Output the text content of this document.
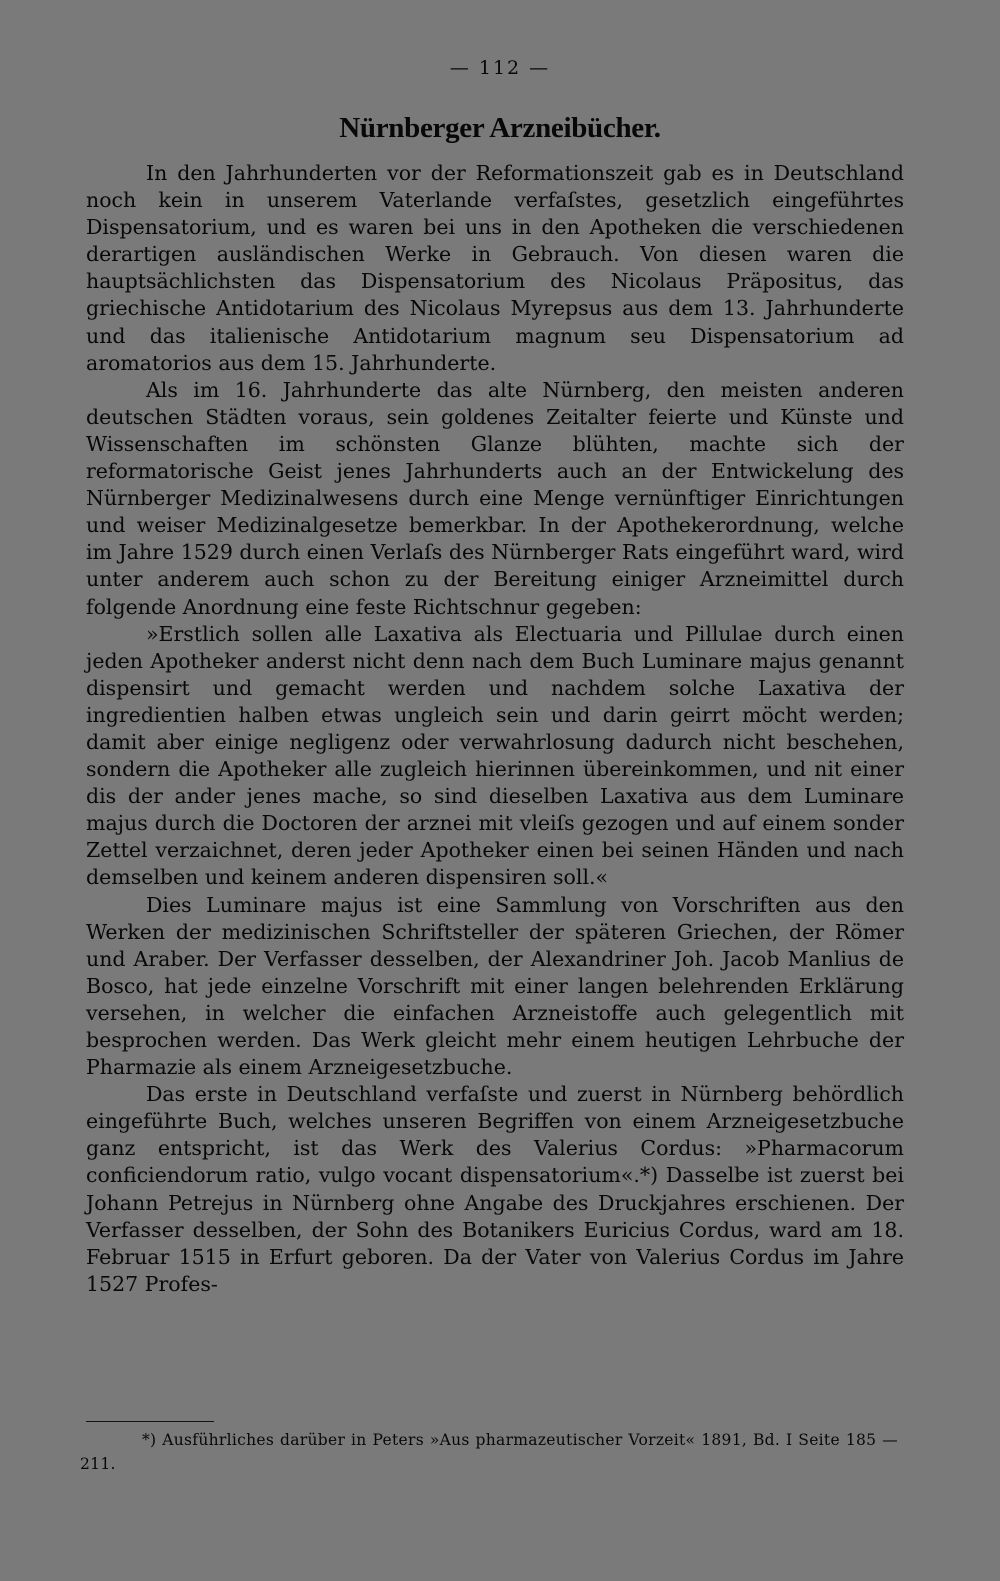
— 112 —
Nürnberger Arzneibücher.

In den Jahrhunderten vor der Reformationszeit gab es in Deutschland noch kein in unserem Vaterlande verfaſstes, gesetzlich eingeführtes Dispensatorium, und es waren bei uns in den Apotheken die verschiedenen derartigen ausländischen Werke in Gebrauch. Von diesen waren die hauptsächlichsten das Dispensatorium des Nicolaus Präpositus, das griechische Antidotarium des Nicolaus Myrepsus aus dem 13. Jahrhunderte und das italienische Antidotarium magnum seu Dispensatorium ad aromatorios aus dem 15. Jahrhunderte.

Als im 16. Jahrhunderte das alte Nürnberg, den meisten anderen deutschen Städten voraus, sein goldenes Zeitalter feierte und Künste und Wissenschaften im schönsten Glanze blühten, machte sich der reformatorische Geist jenes Jahrhunderts auch an der Entwickelung des Nürnberger Medizinalwesens durch eine Menge vernünftiger Einrichtungen und weiser Medizinalgesetze bemerkbar. In der Apothekerordnung, welche im Jahre 1529 durch einen Verlaſs des Nürnberger Rats eingeführt ward, wird unter anderem auch schon zu der Bereitung einiger Arzneimittel durch folgende Anordnung eine feste Richtschnur gegeben:

»Erstlich sollen alle Laxativa als Electuaria und Pillulae durch einen jeden Apotheker anderst nicht denn nach dem Buch Luminare majus genannt dispensirt und gemacht werden und nachdem solche Laxativa der ingredientien halben etwas ungleich sein und darin geirrt möcht werden; damit aber einige negligenz oder verwahrlosung dadurch nicht beschehen, sondern die Apotheker alle zugleich hierinnen übereinkommen, und nit einer dis der ander jenes mache, so sind dieselben Laxativa aus dem Luminare majus durch die Doctoren der arznei mit vleiſs gezogen und auf einem sonder Zettel verzaichnet, deren jeder Apotheker einen bei seinen Händen und nach demselben und keinem anderen dispensiren soll.«

Dies Luminare majus ist eine Sammlung von Vorschriften aus den Werken der medizinischen Schriftsteller der späteren Griechen, der Römer und Araber. Der Verfasser desselben, der Alexandriner Joh. Jacob Manlius de Bosco, hat jede einzelne Vorschrift mit einer langen belehrenden Erklärung versehen, in welcher die einfachen Arzneistoffe auch gelegentlich mit besprochen werden. Das Werk gleicht mehr einem heutigen Lehrbuche der Pharmazie als einem Arzneigesetzbuche.

Das erste in Deutschland verfaſste und zuerst in Nürnberg behördlich eingeführte Buch, welches unseren Begriffen von einem Arzneigesetzbuche ganz entspricht, ist das Werk des Valerius Cordus: »Pharmacorum conficiendorum ratio, vulgo vocant dispensatorium«.*) Dasselbe ist zuerst bei Johann Petrejus in Nürnberg ohne Angabe des Druckjahres erschienen. Der Verfasser desselben, der Sohn des Botanikers Euricius Cordus, ward am 18. Februar 1515 in Erfurt geboren. Da der Vater von Valerius Cordus im Jahre 1527 Profes-

*) Ausführliches darüber in Peters »Aus pharmazeutischer Vorzeit« 1891, Bd. I Seite 185 — 211.
